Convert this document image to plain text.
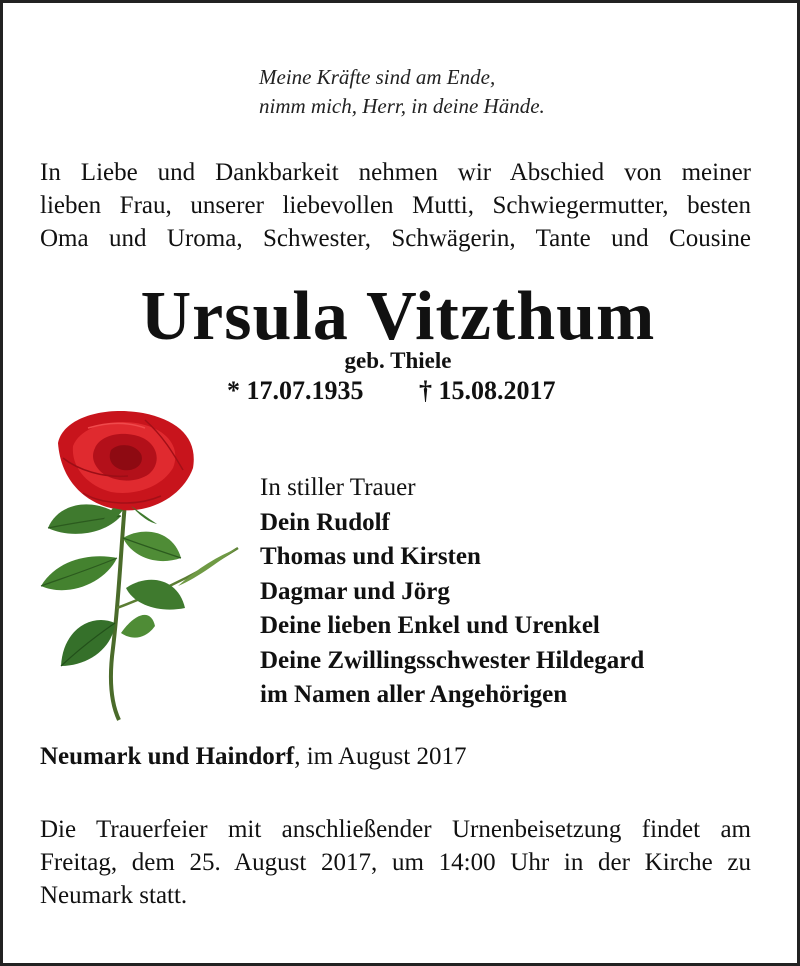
Meine Kräfte sind am Ende,
nimm mich, Herr, in deine Hände.
In Liebe und Dankbarkeit nehmen wir Abschied von meiner
lieben Frau, unserer liebevollen Mutti, Schwiegermutter, besten
Oma und Uroma, Schwester, Schwägerin, Tante und Cousine
Ursula Vitzthum
geb. Thiele
* 17.07.1935 † 15.08.2017
In stiller Trauer
Dein Rudolf
Thomas und Kirsten
Dagmar und Jörg
Deine lieben Enkel und Urenkel
Deine Zwillingsschwester Hildegard
im Namen aller Angehörigen
Neumark und Haindorf, im August 2017
Die Trauerfeier mit anschließender Urnenbeisetzung findet am
Freitag, dem 25. August 2017, um 14:00 Uhr in der Kirche zu
Neumark statt.
